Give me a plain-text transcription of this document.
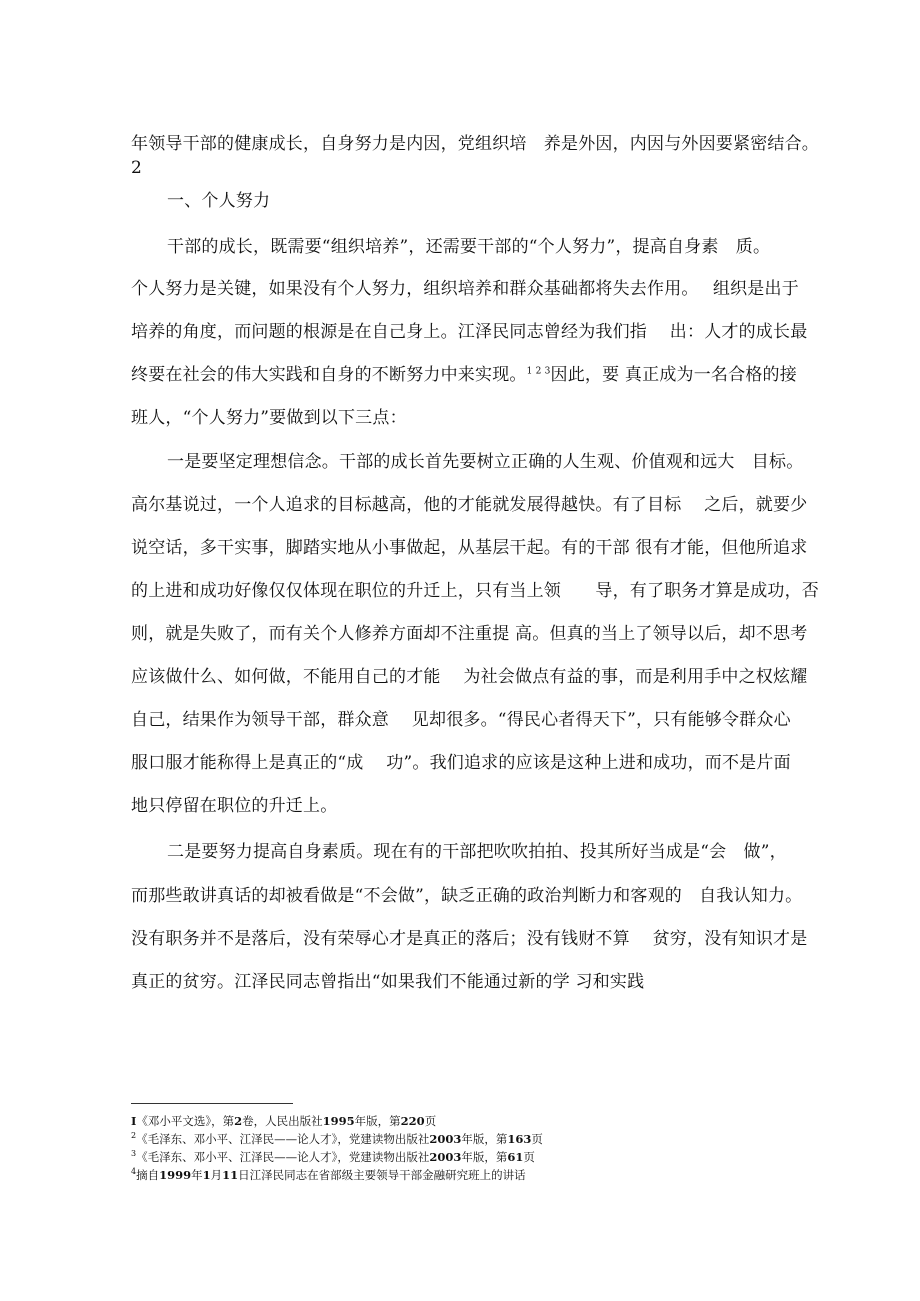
年领导干部的健康成长，自身努力是内因，党组织培　养是外因，内因与外因要紧密结合。
2
一、个人努力
干部的成长，既需要“组织培养”，还需要干部的“个人努力”，提高自身素　质。
个人努力是关键，如果没有个人努力，组织培养和群众基础都将失去作用。　 组织是出于
培养的角度，而问题的根源是在自己身上。江泽民同志曾经为我们指　 出：人才的成长最
终要在社会的伟大实践和自身的不断努力中来实现。$^{1 2 3}$因此，要 真正成为一名合格的接
班人，“个人努力”要做到以下三点：
一是要坚定理想信念。干部的成长首先要树立正确的人生观、价值观和远大　目标。
高尔基说过，一个人追求的目标越高，他的才能就发展得越快。有了目标　 之后，就要少
说空话，多干实事，脚踏实地从小事做起，从基层干起。有的干部 很有才能，但他所追求
的上进和成功好像仅仅体现在职位的升迁上，只有当上领　　导，有了职务才算是成功，否
则，就是失败了，而有关个人修养方面却不注重提 高。但真的当上了领导以后，却不思考
应该做什么、如何做，不能用自己的才能　 为社会做点有益的事，而是利用手中之权炫耀
自己，结果作为领导干部，群众意　 见却很多。“得民心者得天下”，只有能够令群众心
服口服才能称得上是真正的“成　 功”。我们追求的应该是这种上进和成功，而不是片面
地只停留在职位的升迁上。
二是要努力提高自身素质。现在有的干部把吹吹拍拍、投其所好当成是“会　做”，
而那些敢讲真话的却被看做是“不会做”，缺乏正确的政治判断力和客观的　自我认知力。
没有职务并不是落后，没有荣辱心才是真正的落后；没有钱财不算　 贫穷，没有知识才是
真正的贫穷。江泽民同志曾指出“如果我们不能通过新的学 习和实践
I《邓小平文选》，第2卷，人民出版社1995年版，第220页
$^2$《毛泽东、邓小平、江泽民——论人才》，党建读物出版社2003年版，第163页
$^3$《毛泽东、邓小平、江泽民——论人才》，党建读物出版社2003年版，第61页
$^4$摘自1999年1月11日江泽民同志在省部级主要领导干部金融研究班上的讲话
